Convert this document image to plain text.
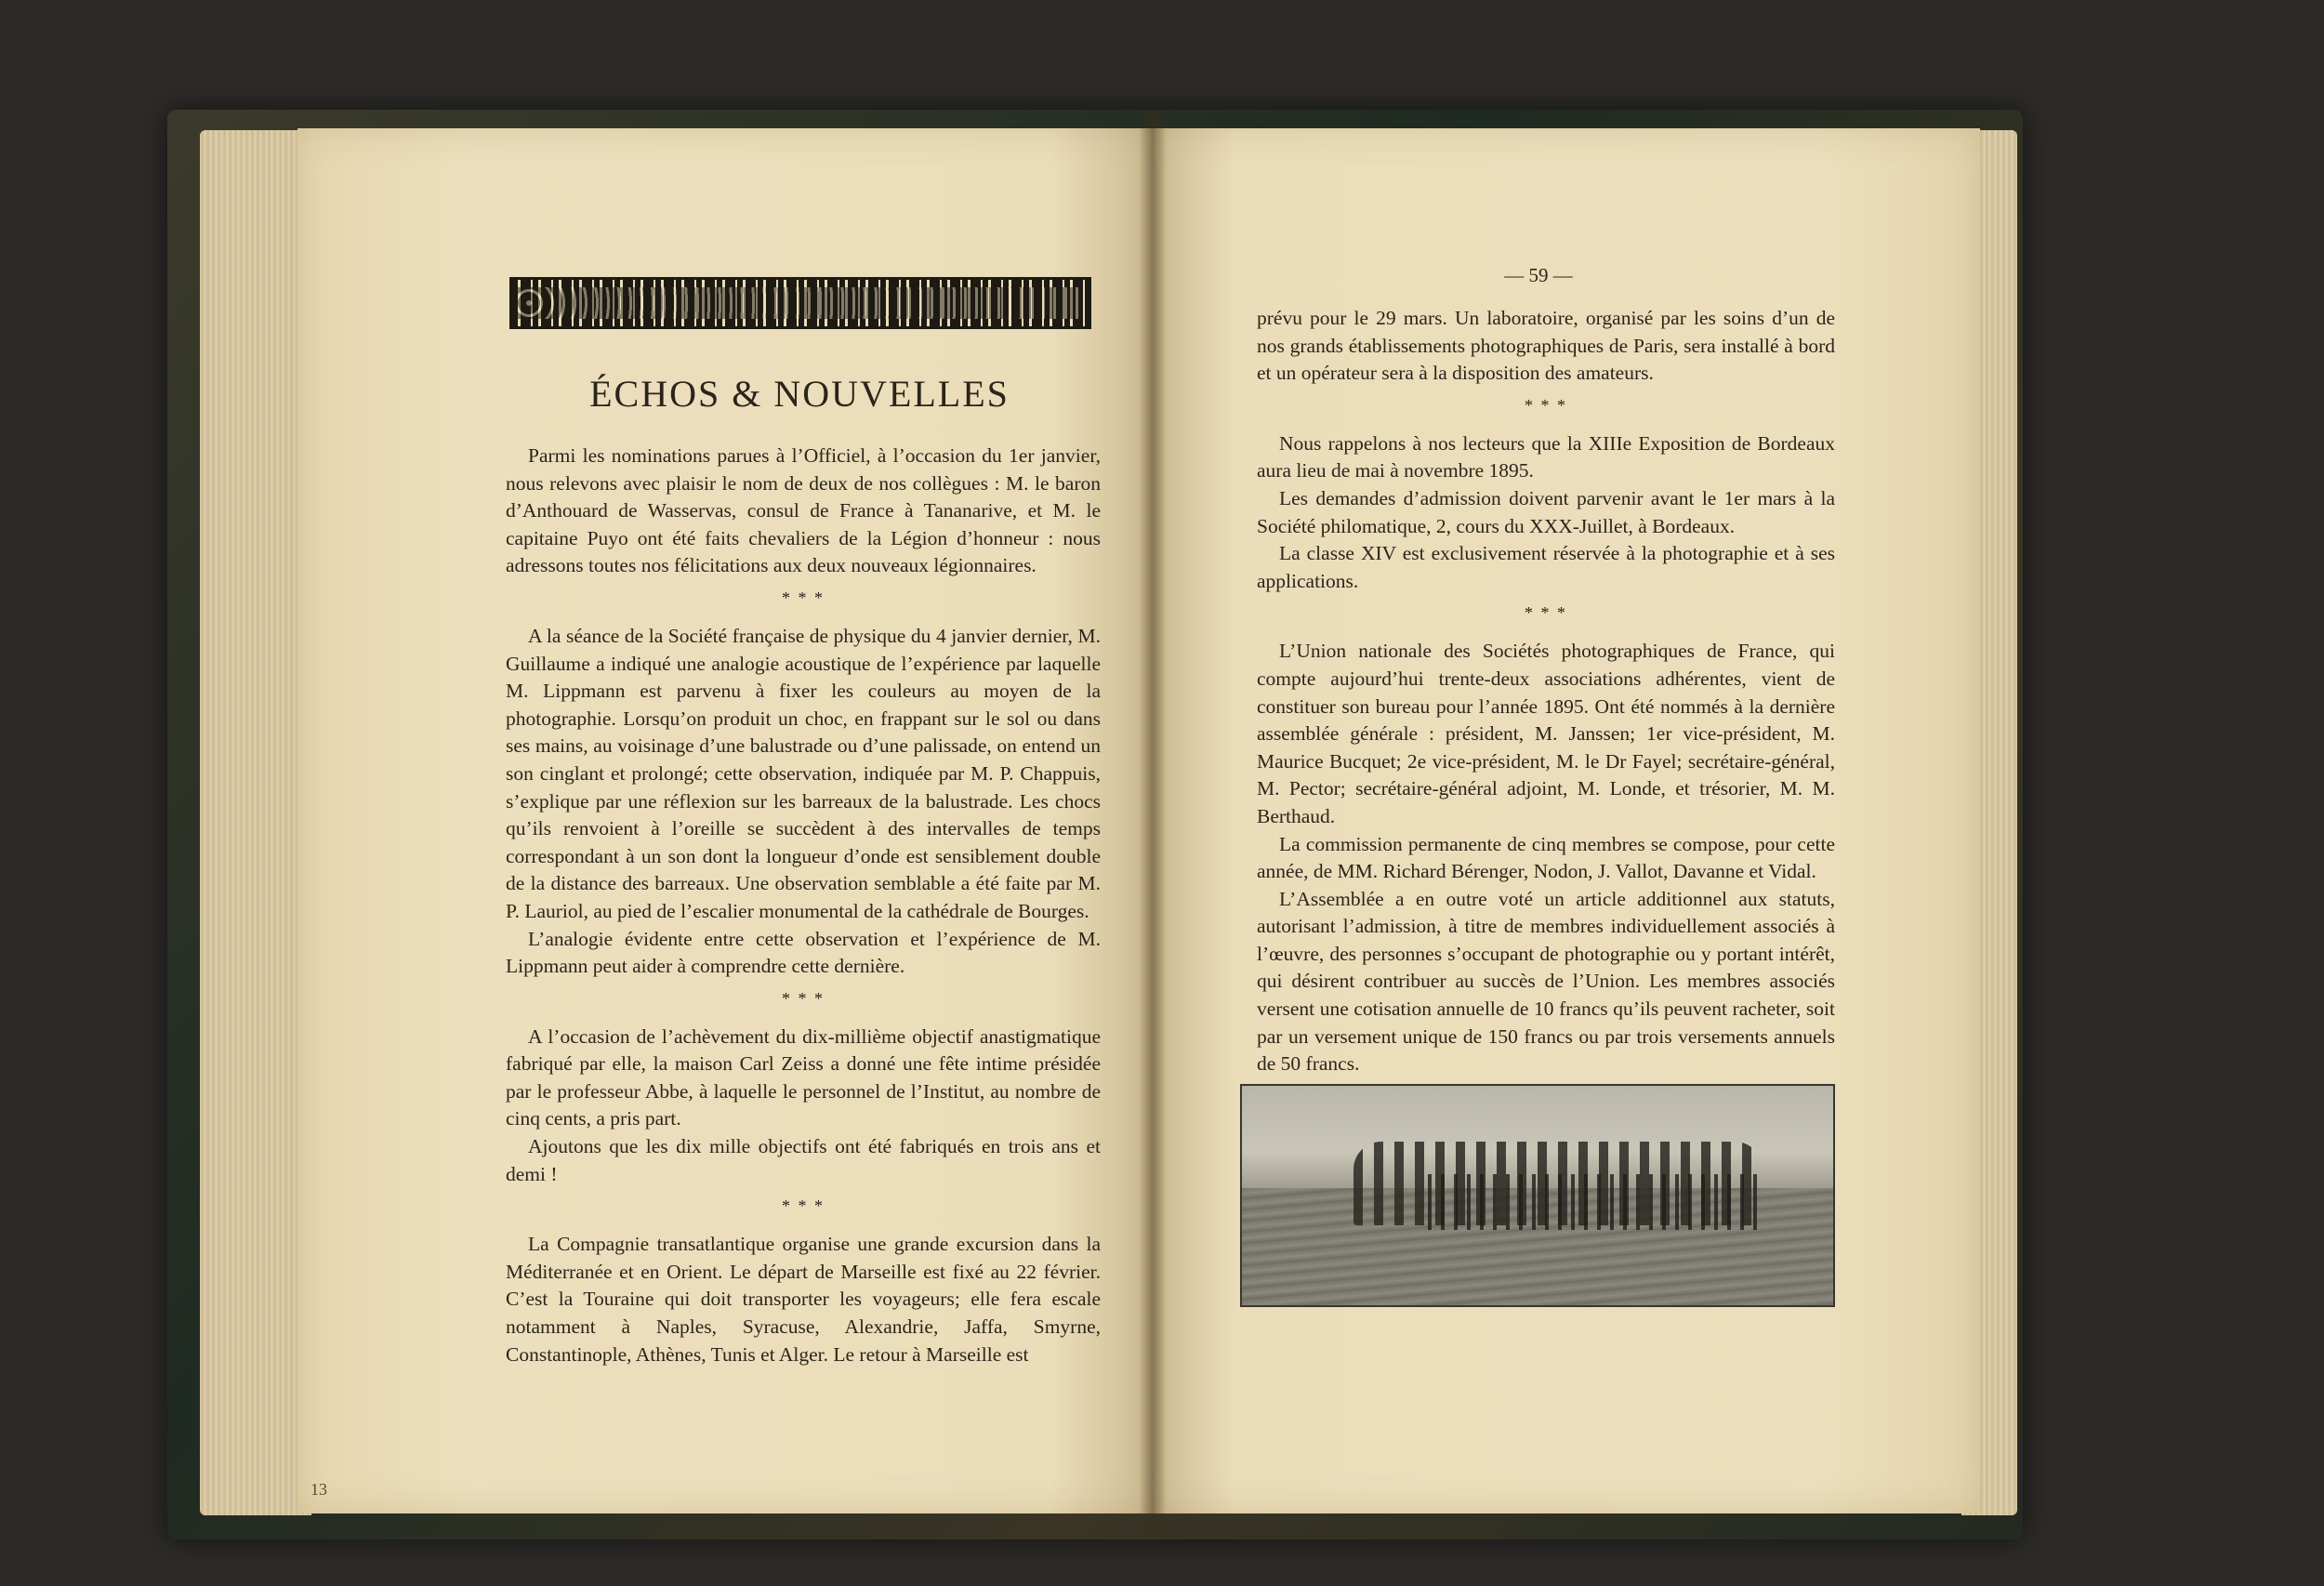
ÉCHOS & NOUVELLES

Parmi les nominations parues à l’Officiel, à l’occasion du 1er janvier, nous relevons avec plaisir le nom de deux de nos collègues : M. le baron d’Anthouard de Wasservas, consul de France à Tananarive, et M. le capitaine Puyo ont été faits chevaliers de la Légion d’honneur : nous adressons toutes nos félicitations aux deux nouveaux légionnaires.

* * *

A la séance de la Société française de physique du 4 janvier dernier, M. Guillaume a indiqué une analogie acoustique de l’expérience par laquelle M. Lippmann est parvenu à fixer les couleurs au moyen de la photographie. Lorsqu’on produit un choc, en frappant sur le sol ou dans ses mains, au voisinage d’une balustrade ou d’une palissade, on entend un son cinglant et prolongé; cette observation, indiquée par M. P. Chappuis, s’explique par une réflexion sur les barreaux de la balustrade. Les chocs qu’ils renvoient à l’oreille se succèdent à des intervalles de temps correspondant à un son dont la longueur d’onde est sensiblement double de la distance des barreaux. Une observation semblable a été faite par M. P. Lauriol, au pied de l’escalier monumental de la cathédrale de Bourges.

L’analogie évidente entre cette observation et l’expérience de M. Lippmann peut aider à comprendre cette dernière.

* * *

A l’occasion de l’achèvement du dix-millième objectif anastigmatique fabriqué par elle, la maison Carl Zeiss a donné une fête intime présidée par le professeur Abbe, à laquelle le personnel de l’Institut, au nombre de cinq cents, a pris part.

Ajoutons que les dix mille objectifs ont été fabriqués en trois ans et demi !

* * *

La Compagnie transatlantique organise une grande excursion dans la Méditerranée et en Orient. Le départ de Marseille est fixé au 22 février. C’est la Touraine qui doit transporter les voyageurs; elle fera escale notamment à Naples, Syracuse, Alexandrie, Jaffa, Smyrne, Constantinople, Athènes, Tunis et Alger. Le retour à Marseille est

13
— 59 —

prévu pour le 29 mars. Un laboratoire, organisé par les soins d’un de nos grands établissements photographiques de Paris, sera installé à bord et un opérateur sera à la disposition des amateurs.

* * *

Nous rappelons à nos lecteurs que la XIIIe Exposition de Bordeaux aura lieu de mai à novembre 1895.

Les demandes d’admission doivent parvenir avant le 1er mars à la Société philomatique, 2, cours du XXX-Juillet, à Bordeaux.

La classe XIV est exclusivement réservée à la photographie et à ses applications.

* * *

L’Union nationale des Sociétés photographiques de France, qui compte aujourd’hui trente-deux associations adhérentes, vient de constituer son bureau pour l’année 1895. Ont été nommés à la dernière assemblée générale : président, M. Janssen; 1er vice-président, M. Maurice Bucquet; 2e vice-président, M. le Dr Fayel; secrétaire-général, M. Pector; secrétaire-général adjoint, M. Londe, et trésorier, M. M. Berthaud.

La commission permanente de cinq membres se compose, pour cette année, de MM. Richard Bérenger, Nodon, J. Vallot, Davanne et Vidal.

L’Assemblée a en outre voté un article additionnel aux statuts, autorisant l’admission, à titre de membres individuellement associés à l’œuvre, des personnes s’occupant de photographie ou y portant intérêt, qui désirent contribuer au succès de l’Union. Les membres associés versent une cotisation annuelle de 10 francs qu’ils peuvent racheter, soit par un versement unique de 150 francs ou par trois versements annuels de 50 francs.
